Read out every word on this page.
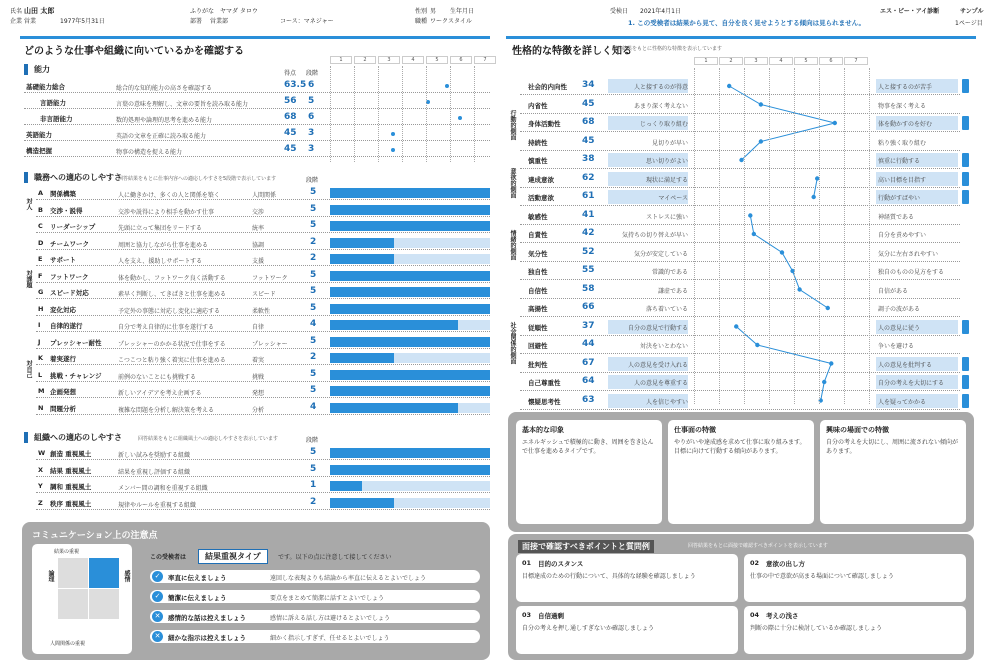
氏名 山田 太郎
企業 営業	1977年5月31日
ふりがな ヤマダ タロウ
部署 営業部	コース：マネジャー
性別 男 生年月日
職種 ワークスタイル
受検日 2021年4月1日	エス・ピー・アイ診断	サンプル
1. この受検者は結果から見て、自分を良く見せようとする傾向は見られません。	1ページ目
どのような仕事や組織に向いているかを確認する
能力	得点 段階
1	2	3	4	5	6	7
基礎能力総合	総合的な知的能力の高さを確認する	63.5 6
言語能力	言葉の意味を理解し、文章の要旨を読み取る能力	56 5
非言語能力	数的処理や論理的思考を進める能力	68 6
英語能力	英語の文章を正確に読み取る能力	45 3
構造把握	物事の構造を捉える能力	45 3
職務への適応のしやすさ
回答結果をもとに仕事内容への適応しやすさを5段階で表示しています	段階
A 関係構築	人に働きかけ、多くの人と関係を築く	人間関係	5
B 交渉・説得	交渉や説得により相手を動かす仕事	交渉	5
C リーダーシップ	先頭に立って集団をリードする	統率	5
D チームワーク	周囲と協力しながら仕事を進める	協調	2
E サポート	人を支え、援助しサポートする	支援	2
F フットワーク	体を動かし、フットワーク良く活動する	フットワーク	5
G スピード対応	素早く判断し、てきぱきと仕事を進める	スピード	5
H 変化対応	予定外の事態に対応し変化に適応する	柔軟性	5
I 自律的遂行	自分で考え自律的に仕事を遂行する	自律	4
J プレッシャー耐性	プレッシャーのかかる状況で仕事をする	プレッシャー	5
K 着実遂行	こつこつと粘り強く着実に仕事を進める	着実	2
L 挑戦・チャレンジ	前例のないことにも挑戦する	挑戦	5
M 企画発想	新しいアイデアを考え企画する	発想	5
N 問題分析	複雑な問題を分析し解決策を考える	分析	4
対人
対課題
対自己
組織への適応のしやすさ	回答結果をもとに組織風土への適応しやすさを表示しています	段階
W 創造 重視風土	新しい試みを奨励する組織	5
X 結果 重視風土	結果を重視し評価する組織	5
Y 調和 重視風土	メンバー間の調和を重視する組織	1
Z 秩序 重視風土	規律やルールを重視する組織	2
コミュニケーション上の注意点
結果の重視
論理	感情
人間関係の重視
この受検者は	結果重視タイプ	です。以下の点に注意して接してください
✓	率直に伝えましょう	遠回しな表現よりも結論から率直に伝えるとよいでしょう
✓	簡潔に伝えましょう	要点をまとめて簡潔に話すとよいでしょう
✕	感情的な話は控えましょう	感情に訴える話し方は避けるとよいでしょう
✕	細かな指示は控えましょう	細かく指示しすぎず、任せるとよいでしょう
性格的な特徴を詳しく知る
回答結果をもとに性格的な特徴を表示しています
1	2	3	4	5	6	7
社会的内向性 34	人と接するのが得意	人と接するのが苦手
内省性	45	あまり深く考えない	物事を深く考える
身体活動性 68	じっくり取り組む	体を動かすのを好む
持続性	45	見切りが早い	粘り強く取り組む
慎重性	38	思い切りがよい	慎重に行動する
達成意欲	62	現状に満足する	高い目標を目指す
活動意欲	61	マイペース	行動がすばやい
敏感性	41	ストレスに強い	神経質である
自責性	42	気持ちの切り替えが早い	自分を責めやすい
気分性	52	気分が安定している	気分に左右されやすい
独自性	55	常識的である	独自のものの見方をする
自信性	58	謙虚である	自信がある
高揚性	66	落ち着いている	調子の波がある
従順性	37	自分の意見で行動する	人の意見に従う
回避性	44	対決をいとわない	争いを避ける
批判性	67	人の意見を受け入れる	人の意見を批判する
自己尊重性 64	人の意見を尊重する	自分の考えを大切にする
懐疑思考性 63	人を信じやすい	人を疑ってかかる
行動的側面
意欲的側面
情緒的側面
社会関係的側面
基本的な印象
エネルギッシュで積極的に動き、周囲を巻き込んで仕事を進めるタイプです。
仕事面の特徴
やりがいや達成感を求めて仕事に取り組みます。目標に向けて行動する傾向があります。
興味の場面での特徴
自分の考えを大切にし、周囲に流されない傾向があります。
面接で確認すべきポイントと質問例	回答結果をもとに面接で確認すべきポイントを表示しています
01 目的のスタンス
目標達成のための行動について、具体的な経験を確認しましょう
02 意欲の出し方
仕事の中で意欲が高まる場面について確認しましょう
03 自信過剰
自分の考えを押し通しすぎないか確認しましょう
04 考えの浅さ
判断の際に十分に検討しているか確認しましょう
